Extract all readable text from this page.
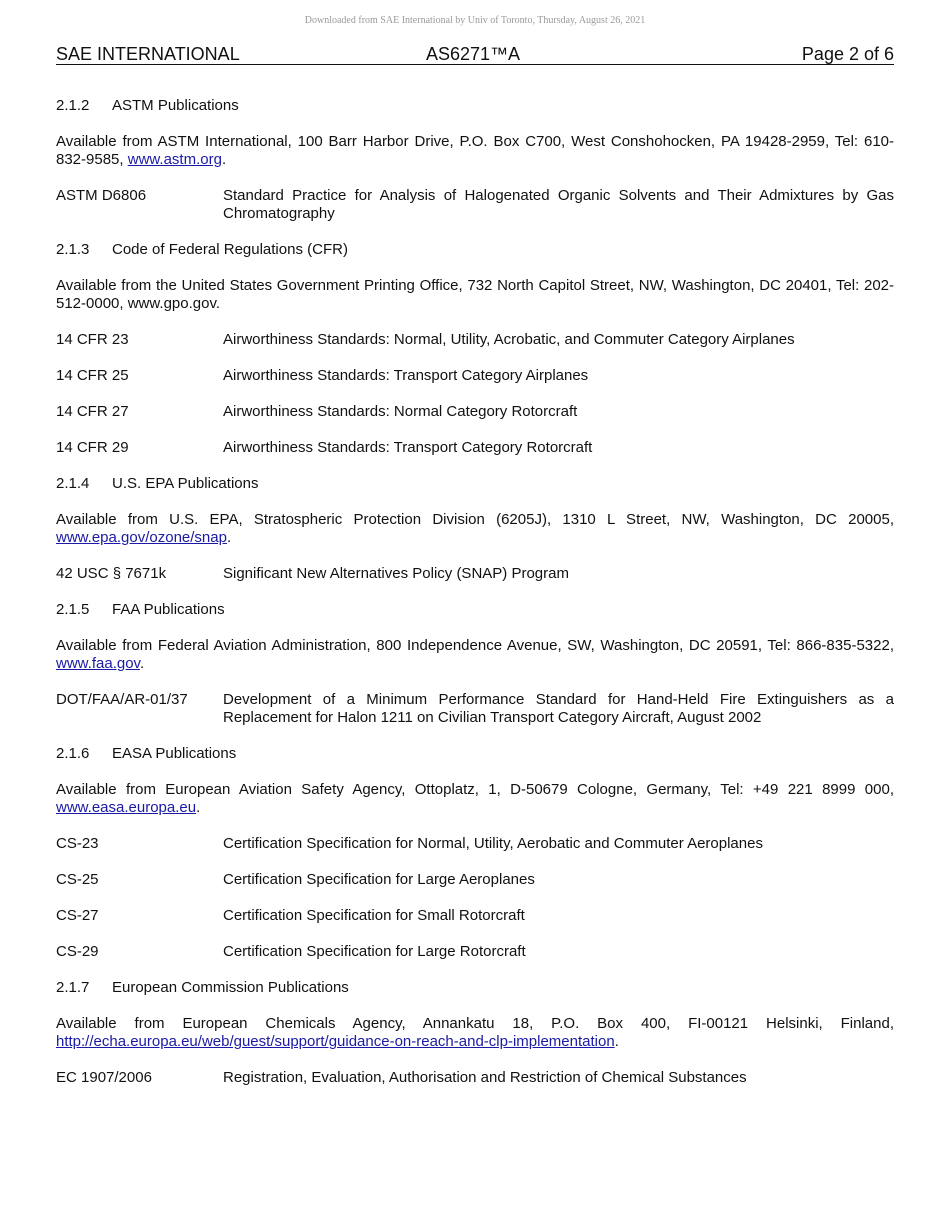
Downloaded from SAE International by Univ of Toronto, Thursday, August 26, 2021
SAE INTERNATIONAL	AS6271™A	Page 2 of 6
2.1.2 ASTM Publications
Available from ASTM International, 100 Barr Harbor Drive, P.O. Box C700, West Conshohocken, PA 19428-2959, Tel: 610-832-9585, www.astm.org.
ASTM D6806	Standard Practice for Analysis of Halogenated Organic Solvents and Their Admixtures by Gas Chromatography
2.1.3 Code of Federal Regulations (CFR)
Available from the United States Government Printing Office, 732 North Capitol Street, NW, Washington, DC 20401, Tel: 202-512-0000, www.gpo.gov.
14 CFR 23	Airworthiness Standards: Normal, Utility, Acrobatic, and Commuter Category Airplanes
14 CFR 25	Airworthiness Standards: Transport Category Airplanes
14 CFR 27	Airworthiness Standards: Normal Category Rotorcraft
14 CFR 29	Airworthiness Standards: Transport Category Rotorcraft
2.1.4 U.S. EPA Publications
Available from U.S. EPA, Stratospheric Protection Division (6205J), 1310 L Street, NW, Washington, DC 20005, www.epa.gov/ozone/snap.
42 USC § 7671k	Significant New Alternatives Policy (SNAP) Program
2.1.5 FAA Publications
Available from Federal Aviation Administration, 800 Independence Avenue, SW, Washington, DC 20591, Tel: 866-835-5322, www.faa.gov.
DOT/FAA/AR-01/37	Development of a Minimum Performance Standard for Hand-Held Fire Extinguishers as a Replacement for Halon 1211 on Civilian Transport Category Aircraft, August 2002
2.1.6 EASA Publications
Available from European Aviation Safety Agency, Ottoplatz, 1, D-50679 Cologne, Germany, Tel: +49 221 8999 000, www.easa.europa.eu.
CS-23	Certification Specification for Normal, Utility, Aerobatic and Commuter Aeroplanes
CS-25	Certification Specification for Large Aeroplanes
CS-27	Certification Specification for Small Rotorcraft
CS-29	Certification Specification for Large Rotorcraft
2.1.7 European Commission Publications
Available from European Chemicals Agency, Annankatu 18, P.O. Box 400, FI-00121 Helsinki, Finland, http://echa.europa.eu/web/guest/support/guidance-on-reach-and-clp-implementation.
EC 1907/2006	Registration, Evaluation, Authorisation and Restriction of Chemical Substances
